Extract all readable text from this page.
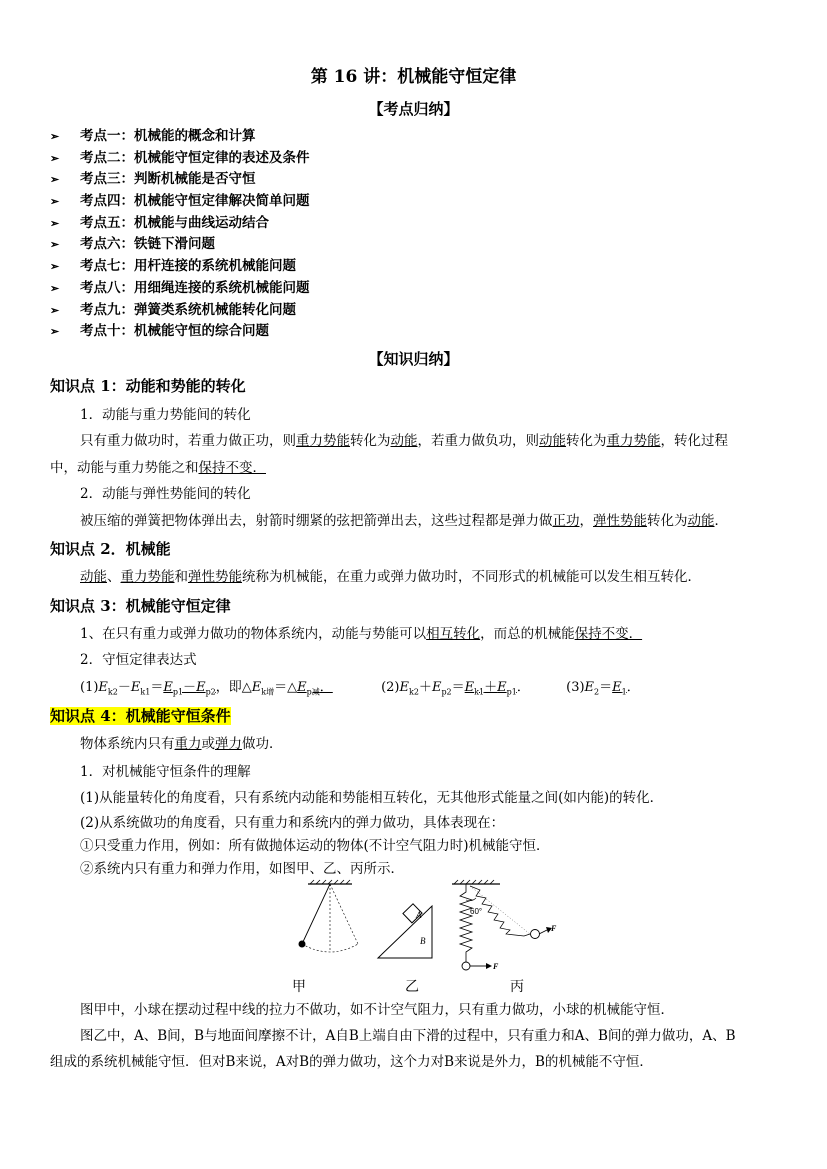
第 16 讲：机械能守恒定律
【考点归纳】
➢ 考点一：机械能的概念和计算
➢ 考点二：机械能守恒定律的表述及条件
➢ 考点三：判断机械能是否守恒
➢ 考点四：机械能守恒定律解决简单问题
➢ 考点五：机械能与曲线运动结合
➢ 考点六：铁链下滑问题
➢ 考点七：用杆连接的系统机械能问题
➢ 考点八：用细绳连接的系统机械能问题
➢ 考点九：弹簧类系统机械能转化问题
➢ 考点十：机械能守恒的综合问题
【知识归纳】
知识点 1：动能和势能的转化
1．动能与重力势能间的转化
只有重力做功时，若重力做正功，则重力势能转化为动能，若重力做负功，则动能转化为重力势能，转化过程
中，动能与重力势能之和保持不变．
2．动能与弹性势能间的转化
被压缩的弹簧把物体弹出去，射箭时绷紧的弦把箭弹出去，这些过程都是弹力做正功，弹性势能转化为动能．
知识点 2．机械能
动能、重力势能和弹性势能统称为机械能，在重力或弹力做功时，不同形式的机械能可以发生相互转化．
知识点 3：机械能守恒定律
1、在只有重力或弹力做功的物体系统内，动能与势能可以相互转化，而总的机械能保持不变．
2．守恒定律表达式
$(1)E_{k2}-E_{k1}=E_{p1}-E_{p2}$，即$\triangle E_{k增}=\triangle E_{p减}$．	$(2)E_{k2}+E_{p2}=E_{k1}+E_{p1}$．  $(3)E_2=E_1$．
知识点 4：机械能守恒条件
物体系统内只有重力或弹力做功．
1．对机械能守恒条件的理解
(1)从能量转化的角度看，只有系统内动能和势能相互转化，无其他形式能量之间(如内能)的转化．
(2)从系统做功的角度看，只有重力和系统内的弹力做功，具体表现在：
①只受重力作用，例如：所有做抛体运动的物体(不计空气阻力时)机械能守恒．
②系统内只有重力和弹力作用，如图甲、乙、丙所示．
A
B
F
F
60°
甲	乙	丙
图甲中，小球在摆动过程中线的拉力不做功，如不计空气阻力，只有重力做功，小球的机械能守恒．
图乙中，A、B间，B与地面间摩擦不计，A自B上端自由下滑的过程中，只有重力和A、B间的弹力做功，A、B
组成的系统机械能守恒．但对B来说，A对B的弹力做功，这个力对B来说是外力，B的机械能不守恒．
